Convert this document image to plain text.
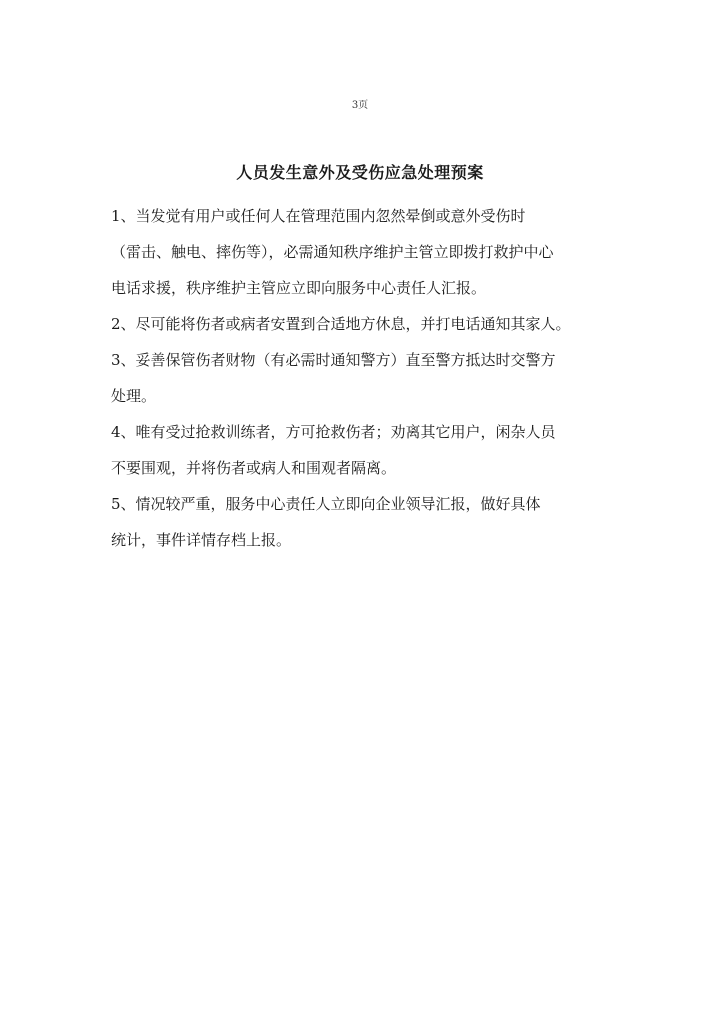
3页
人员发生意外及受伤应急处理预案

1、当发觉有用户或任何人在管理范围内忽然晕倒或意外受伤时

（雷击、触电、摔伤等），必需通知秩序维护主管立即拨打救护中心

电话求援，秩序维护主管应立即向服务中心责任人汇报。

2、尽可能将伤者或病者安置到合适地方休息，并打电话通知其家人。

3、妥善保管伤者财物（有必需时通知警方）直至警方抵达时交警方

处理。

4、唯有受过抢救训练者，方可抢救伤者；劝离其它用户，闲杂人员

不要围观，并将伤者或病人和围观者隔离。

5、情况较严重，服务中心责任人立即向企业领导汇报，做好具体

统计，事件详情存档上报。
